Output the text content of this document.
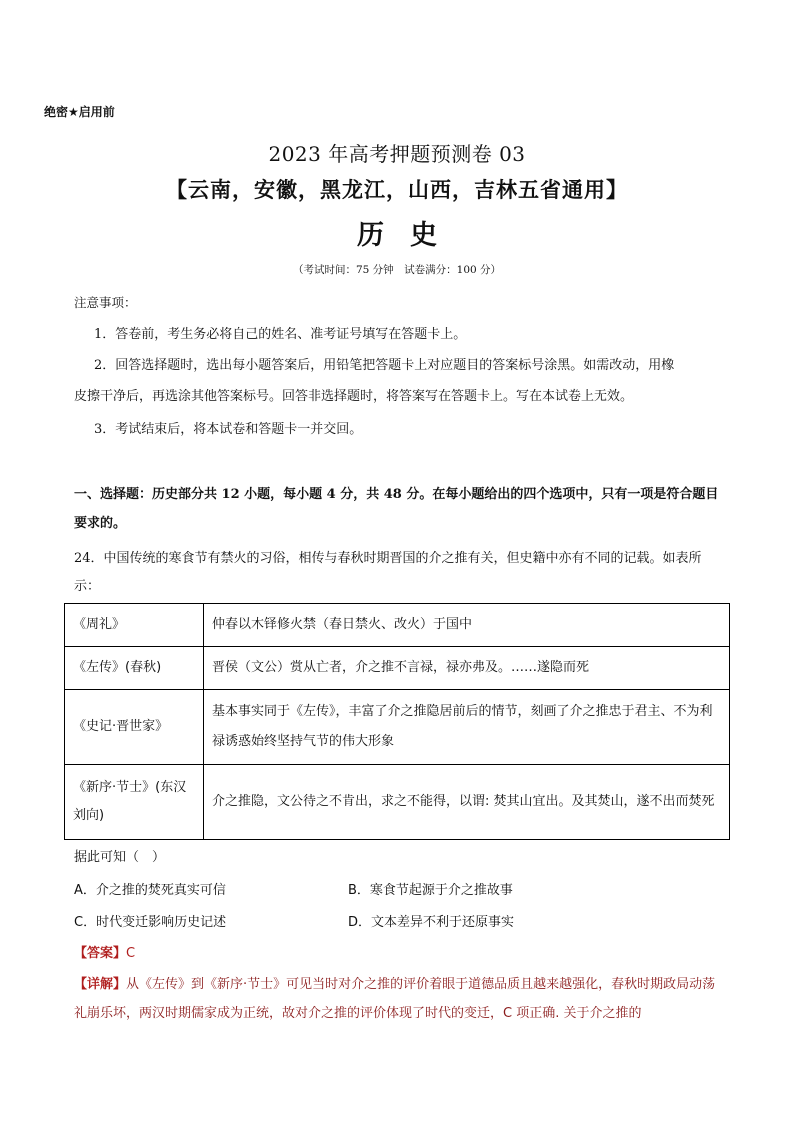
绝密★启用前
2023 年高考押题预测卷 03
【云南，安徽，黑龙江，山西，吉林五省通用】
历史
（考试时间：75 分钟　试卷满分：100 分）
注意事项：
1．答卷前，考生务必将自己的姓名、准考证号填写在答题卡上。
2．回答选择题时，选出每小题答案后，用铅笔把答题卡上对应题目的答案标号涂黑。如需改动，用橡
皮擦干净后，再选涂其他答案标号。回答非选择题时，将答案写在答题卡上。写在本试卷上无效。
3．考试结束后，将本试卷和答题卡一并交回。
一、选择题：历史部分共 12 小题，每小题 4 分，共 48 分。在每小题给出的四个选项中，只有一项是符合题目要求的。
24．中国传统的寒食节有禁火的习俗，相传与春秋时期晋国的介之推有关，但史籍中亦有不同的记载。如表所示：
《周礼》	仲春以木铎修火禁（春日禁火、改火）于国中
《左传》(春秋)	晋侯（文公）赏从亡者，介之推不言禄，禄亦弗及。……遂隐而死
《史记·晋世家》	基本事实同于《左传》，丰富了介之推隐居前后的情节，刻画了介之推忠于君主、不为利禄诱惑始终坚持气节的伟大形象
《新序·节士》(东汉刘向)	介之推隐，文公待之不肯出，求之不能得，以谓: 焚其山宜出。及其焚山，遂不出而焚死
据此可知（　）
A．介之推的焚死真实可信	B．寒食节起源于介之推故事
C．时代变迁影响历史记述	D．文本差异不利于还原事实
【答案】C
【详解】从《左传》到《新序·节士》可见当时对介之推的评价着眼于道德品质且越来越强化，春秋时期政局动荡礼崩乐坏，两汉时期儒家成为正统，故对介之推的评价体现了时代的变迁，C 项正确. 关于介之推的
